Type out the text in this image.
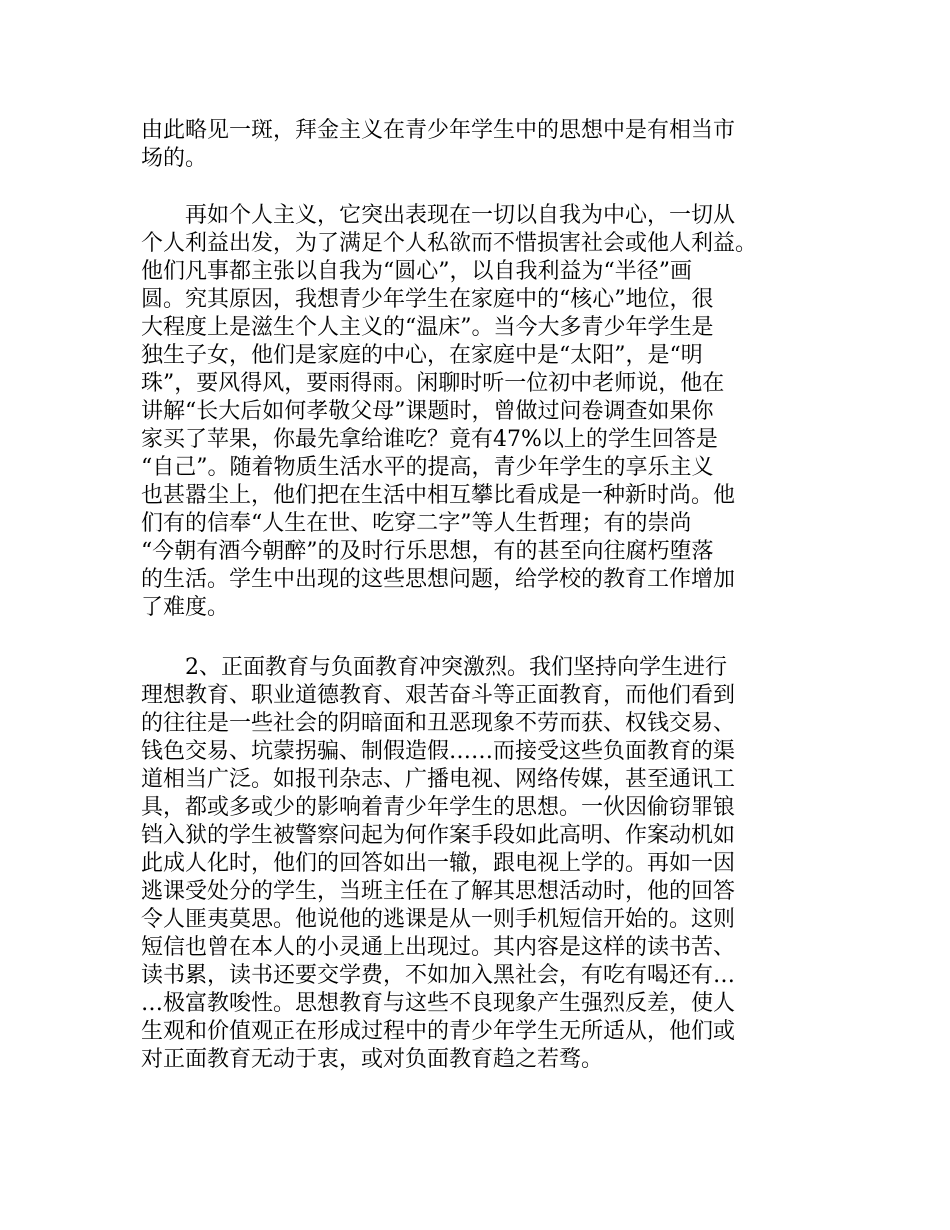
由此略见一斑，拜金主义在青少年学生中的思想中是有相当市
场的。
　　再如个人主义，它突出表现在一切以自我为中心，一切从
个人利益出发，为了满足个人私欲而不惜损害社会或他人利益。
他们凡事都主张以自我为“圆心”，以自我利益为“半径”画
圆。究其原因，我想青少年学生在家庭中的“核心”地位，很
大程度上是滋生个人主义的“温床”。当今大多青少年学生是
独生子女，他们是家庭的中心，在家庭中是“太阳”，是“明
珠”，要风得风，要雨得雨。闲聊时听一位初中老师说，他在
讲解“长大后如何孝敬父母”课题时，曾做过问卷调查如果你
家买了苹果，你最先拿给谁吃？竟有47%以上的学生回答是
“自己”。随着物质生活水平的提高，青少年学生的享乐主义
也甚嚣尘上，他们把在生活中相互攀比看成是一种新时尚。他
们有的信奉“人生在世、吃穿二字”等人生哲理；有的崇尚
“今朝有酒今朝醉”的及时行乐思想，有的甚至向往腐朽堕落
的生活。学生中出现的这些思想问题，给学校的教育工作增加
了难度。
　　2、正面教育与负面教育冲突激烈。我们坚持向学生进行
理想教育、职业道德教育、艰苦奋斗等正面教育，而他们看到
的往往是一些社会的阴暗面和丑恶现象不劳而获、权钱交易、
钱色交易、坑蒙拐骗、制假造假……而接受这些负面教育的渠
道相当广泛。如报刊杂志、广播电视、网络传媒，甚至通讯工
具，都或多或少的影响着青少年学生的思想。一伙因偷窃罪锒
铛入狱的学生被警察问起为何作案手段如此高明、作案动机如
此成人化时，他们的回答如出一辙，跟电视上学的。再如一因
逃课受处分的学生，当班主任在了解其思想活动时，他的回答
令人匪夷莫思。他说他的逃课是从一则手机短信开始的。这则
短信也曾在本人的小灵通上出现过。其内容是这样的读书苦、
读书累，读书还要交学费，不如加入黑社会，有吃有喝还有…
…极富教唆性。思想教育与这些不良现象产生强烈反差，使人
生观和价值观正在形成过程中的青少年学生无所适从，他们或
对正面教育无动于衷，或对负面教育趋之若骛。
